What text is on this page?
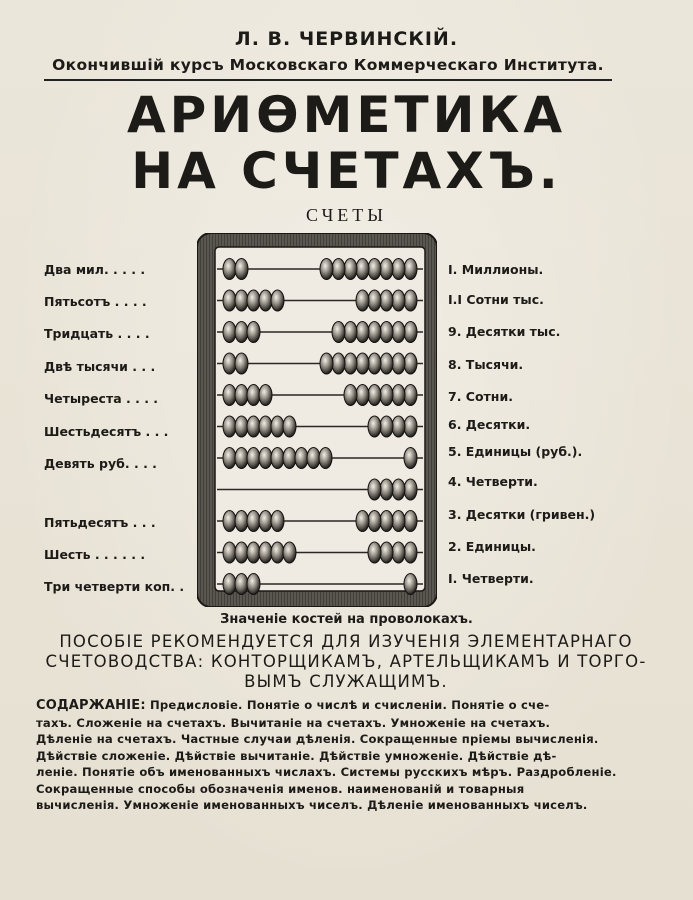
Л. В. ЧЕРВИНСКІЙ.
Окончившій курсъ Московскаго Коммерческаго Института.
АРИѲМЕТИКА
НА СЧЕТАХЪ.
СЧЕТЫ
Два мил. . . . .
Пятьсотъ . . . .
Тридцать . . . .
Двѣ тысячи . . .
Четыреста . . . .
Шестьдесятъ . . .
Девять руб. . . .
Пятьдесятъ . . .
Шесть . . . . . .
Три четверти коп. .
I. Миллионы.
I.I Сотни тыс.
9. Десятки тыс.
8. Тысячи.
7. Сотни.
6. Десятки.
5. Единицы (руб.).
4. Четверти.
3. Десятки (гривен.)
2. Единицы.
I. Четверти.
Значеніе костей на проволокахъ.
ПОСОБІЕ РЕКОМЕНДУЕТСЯ ДЛЯ ИЗУЧЕНІЯ ЭЛЕМЕНТАРНАГО
СЧЕТОВОДСТВА: КОНТОРЩИКАМЪ, АРТЕЛЬЩИКАМЪ И ТОРГО-
ВЫМЪ СЛУЖАЩИМЪ.
СОДАРЖАНІЕ: Предисловіе. Понятіе о числѣ и счисленіи. Понятіе о сче-
тахъ. Сложеніе на счетахъ. Вычитаніе на счетахъ. Умноженіе на счетахъ.
Дѣленіе на счетахъ. Частные случаи дѣленія. Сокращенные пріемы вычисленія.
Дѣйствіе сложеніе. Дѣйствіе вычитаніе. Дѣйствіе умноженіе. Дѣйствіе дѣ-
леніе. Понятіе объ именованныхъ числахъ. Системы русскихъ мѣръ. Раздробленіе.
Сокращенные способы обозначенія именов. наименованій и товарныя
вычисленія. Умноженіе именованныхъ чиселъ. Дѣленіе именованныхъ чиселъ.
